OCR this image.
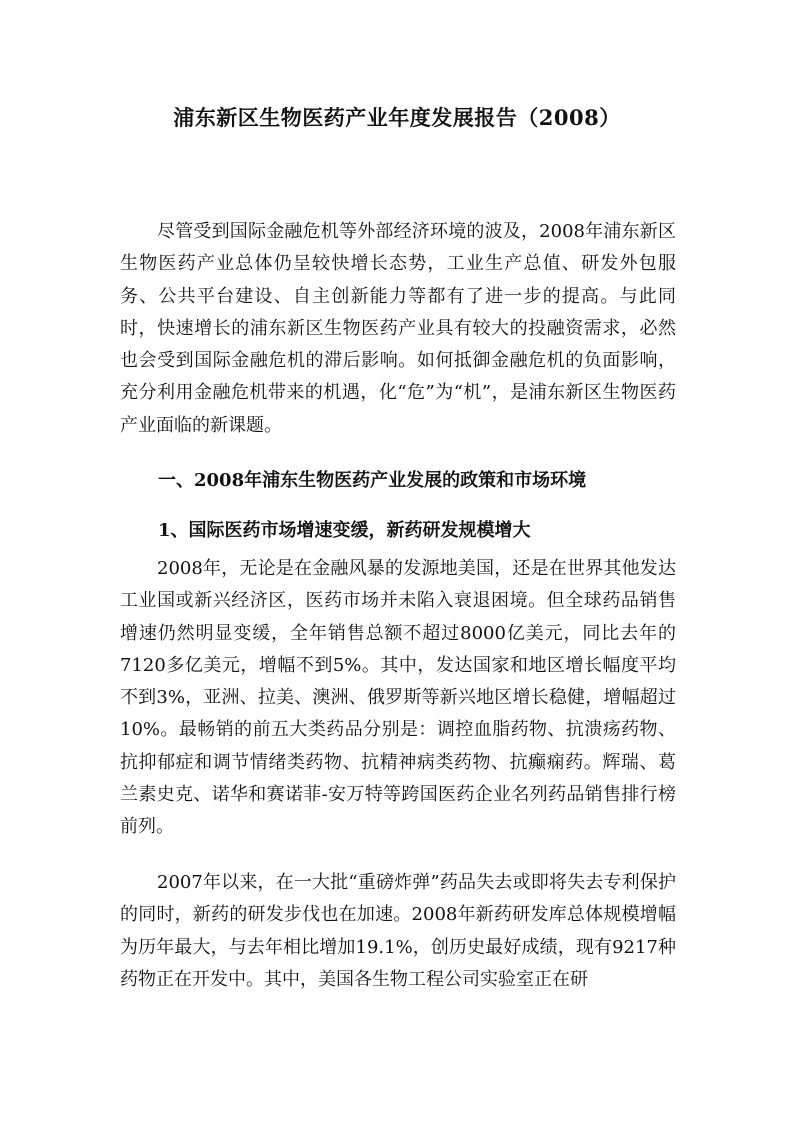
浦东新区生物医药产业年度发展报告（2008）
尽管受到国际金融危机等外部经济环境的波及，2008年浦东新区生物医药产业总体仍呈较快增长态势，工业生产总值、研发外包服务、公共平台建设、自主创新能力等都有了进一步的提高。与此同时，快速增长的浦东新区生物医药产业具有较大的投融资需求，必然也会受到国际金融危机的滞后影响。如何抵御金融危机的负面影响，充分利用金融危机带来的机遇，化“危”为“机”，是浦东新区生物医药产业面临的新课题。
一、2008年浦东生物医药产业发展的政策和市场环境
1、国际医药市场增速变缓，新药研发规模增大
2008年，无论是在金融风暴的发源地美国，还是在世界其他发达工业国或新兴经济区，医药市场并未陷入衰退困境。但全球药品销售增速仍然明显变缓，全年销售总额不超过8000亿美元，同比去年的7120多亿美元，增幅不到5%。其中，发达国家和地区增长幅度平均不到3%，亚洲、拉美、澳洲、俄罗斯等新兴地区增长稳健，增幅超过10%。最畅销的前五大类药品分别是：调控血脂药物、抗溃疡药物、抗抑郁症和调节情绪类药物、抗精神病类药物、抗癫痫药。辉瑞、葛兰素史克、诺华和赛诺菲-安万特等跨国医药企业名列药品销售排行榜前列。
2007年以来，在一大批“重磅炸弹”药品失去或即将失去专利保护的同时，新药的研发步伐也在加速。2008年新药研发库总体规模增幅为历年最大，与去年相比增加19.1%，创历史最好成绩，现有9217种药物正在开发中。其中，美国各生物工程公司实验室正在研
